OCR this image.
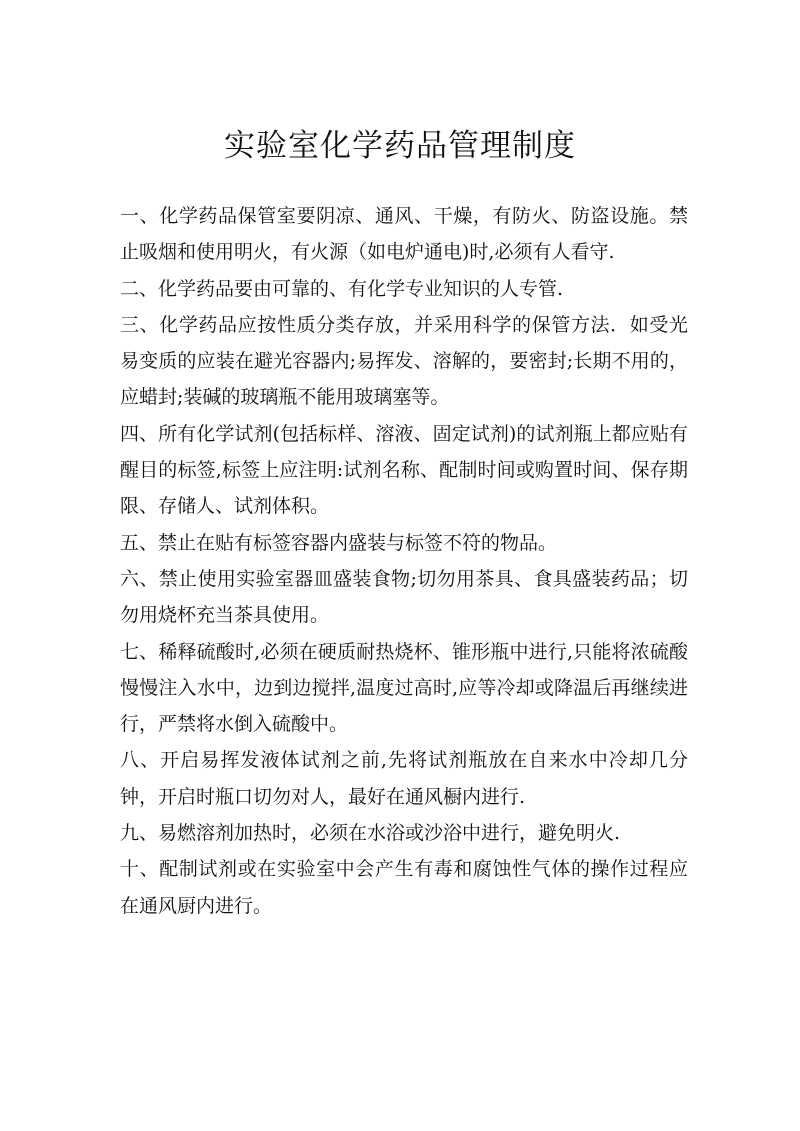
实验室化学药品管理制度

一、化学药品保管室要阴凉、通风、干燥，有防火、防盗设施。禁止吸烟和使用明火，有火源（如电炉通电)时,必须有人看守.

二、化学药品要由可靠的、有化学专业知识的人专管.

三、化学药品应按性质分类存放，并采用科学的保管方法．如受光易变质的应装在避光容器内;易挥发、溶解的，要密封;长期不用的，应蜡封;装碱的玻璃瓶不能用玻璃塞等。

四、所有化学试剂(包括标样、溶液、固定试剂)的试剂瓶上都应贴有醒目的标签,标签上应注明:试剂名称、配制时间或购置时间、保存期限、存储人、试剂体积。

五、禁止在贴有标签容器内盛装与标签不符的物品。

六、禁止使用实验室器皿盛装食物;切勿用茶具、食具盛装药品；切勿用烧杯充当茶具使用。

七、稀释硫酸时,必须在硬质耐热烧杯、锥形瓶中进行,只能将浓硫酸慢慢注入水中，边到边搅拌,温度过高时,应等冷却或降温后再继续进行，严禁将水倒入硫酸中。

八、开启易挥发液体试剂之前,先将试剂瓶放在自来水中冷却几分钟，开启时瓶口切勿对人，最好在通风橱内进行.

九、易燃溶剂加热时，必须在水浴或沙浴中进行，避免明火.

十、配制试剂或在实验室中会产生有毒和腐蚀性气体的操作过程应在通风厨内进行。
